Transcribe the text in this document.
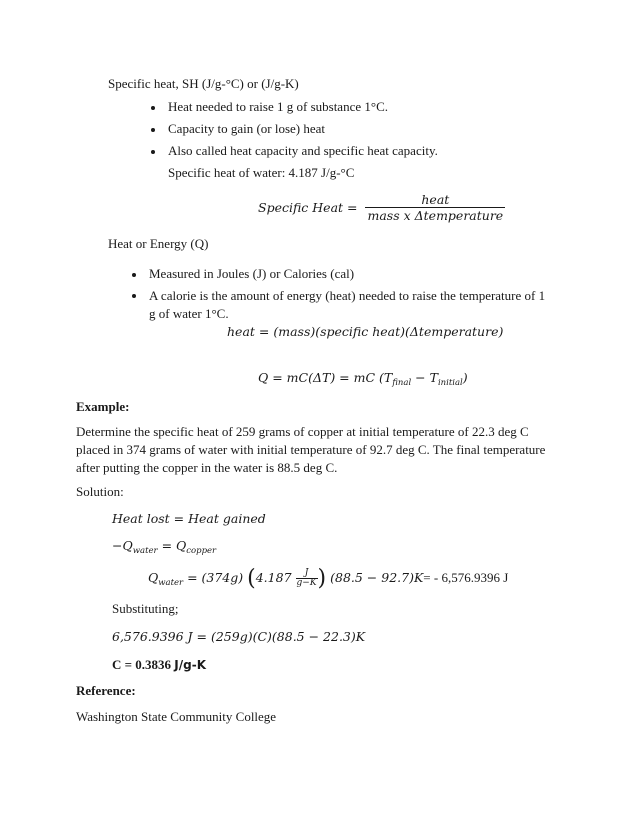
Specific heat, SH (J/g-°C) or (J/g-K)
Heat needed to raise 1 g of substance 1°C.
Capacity to gain (or lose) heat
Also called heat capacity and specific heat capacity.
Specific heat of water: 4.187 J/g-°C
Specific Heat =
heat
mass x Δtemperature
Heat or Energy (Q)
Measured in Joules (J) or Calories (cal)
A calorie is the amount of energy (heat) needed to raise the temperature of 1 g of water 1°C.
heat = (mass)(specific heat)(Δtemperature)
Q = mC(ΔT) = mC $(T_{final} - T_{initial})$
Example:
Determine the specific heat of 259 grams of copper at initial temperature of 22.3 deg C placed in 374 grams of water with initial temperature of 92.7 deg C. The final temperature after putting the copper in the water is 88.5 deg C.
Solution:
Heat lost = Heat gained
$-Q_{water} = Q_{copper}$
$Q_{water} = (374g)$ ($4.187 \frac{J}{g-K}$ ) (88.5 − 92.7)K= - 6,576.9396 J
Substituting;
6,576.9396 J = (259g)(C)(88.5 − 22.3)K
C = 0.3836 J/g-K
Reference:
Washington State Community College
